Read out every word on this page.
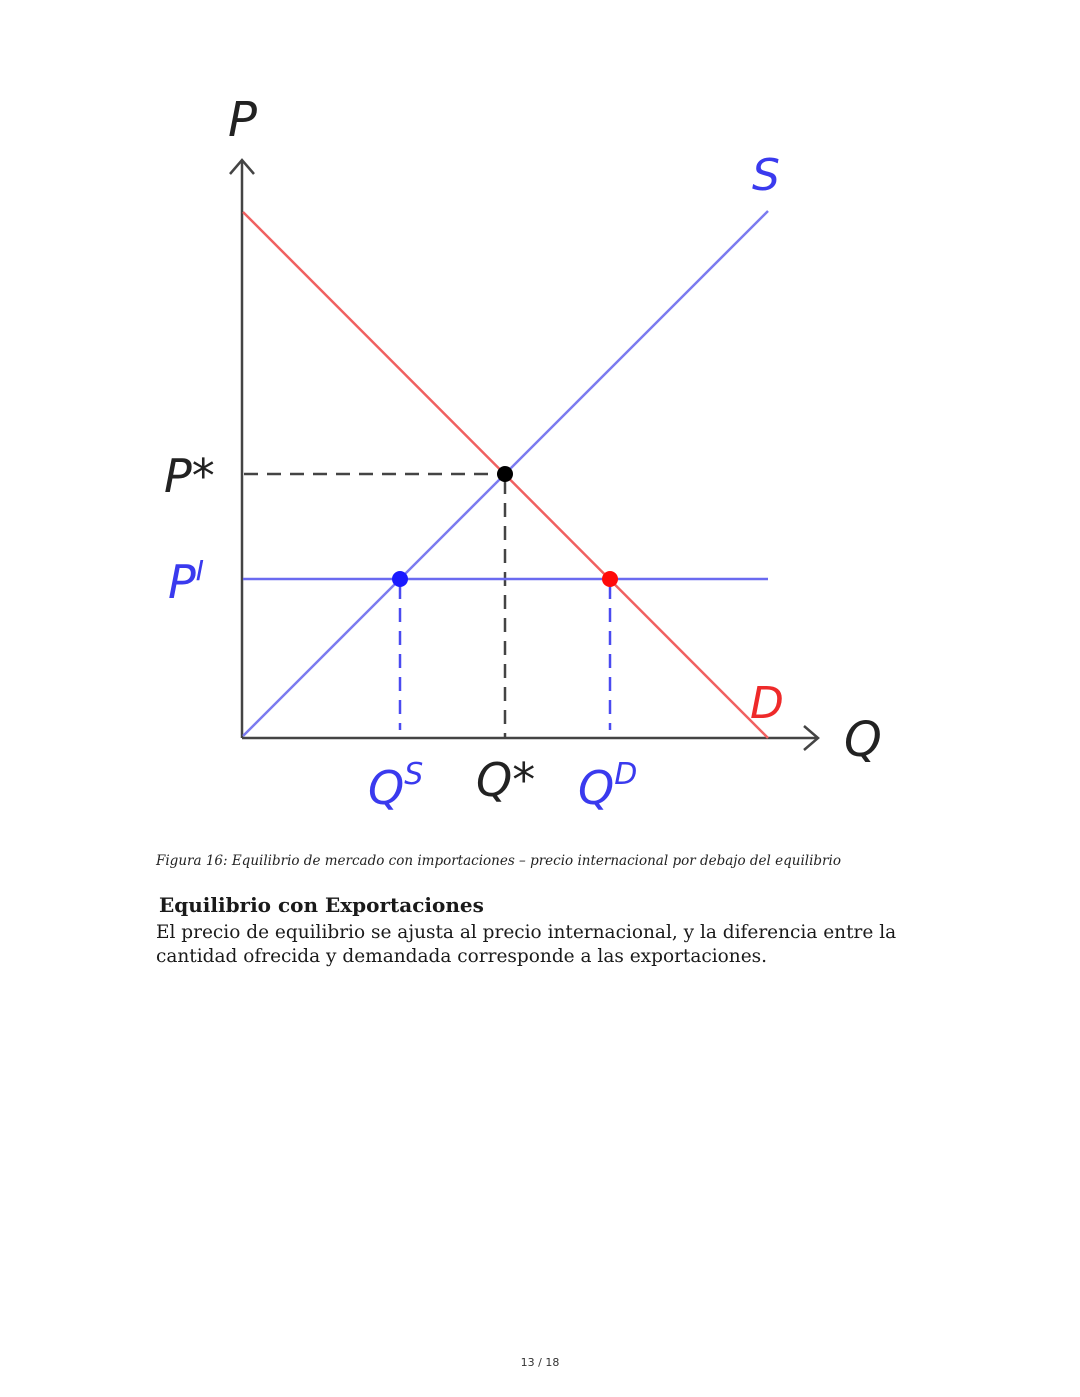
P
Q
S
D
P*
$P^I$
Q*
$Q^S$	$Q^D$
Figura 16: Equilibrio de mercado con importaciones – precio internacional por debajo del equilibrio
Equilibrio con Exportaciones
El precio de equilibrio se ajusta al precio internacional, y la diferencia entre la cantidad ofrecida y demandada corresponde a las exportaciones.
13 / 18
